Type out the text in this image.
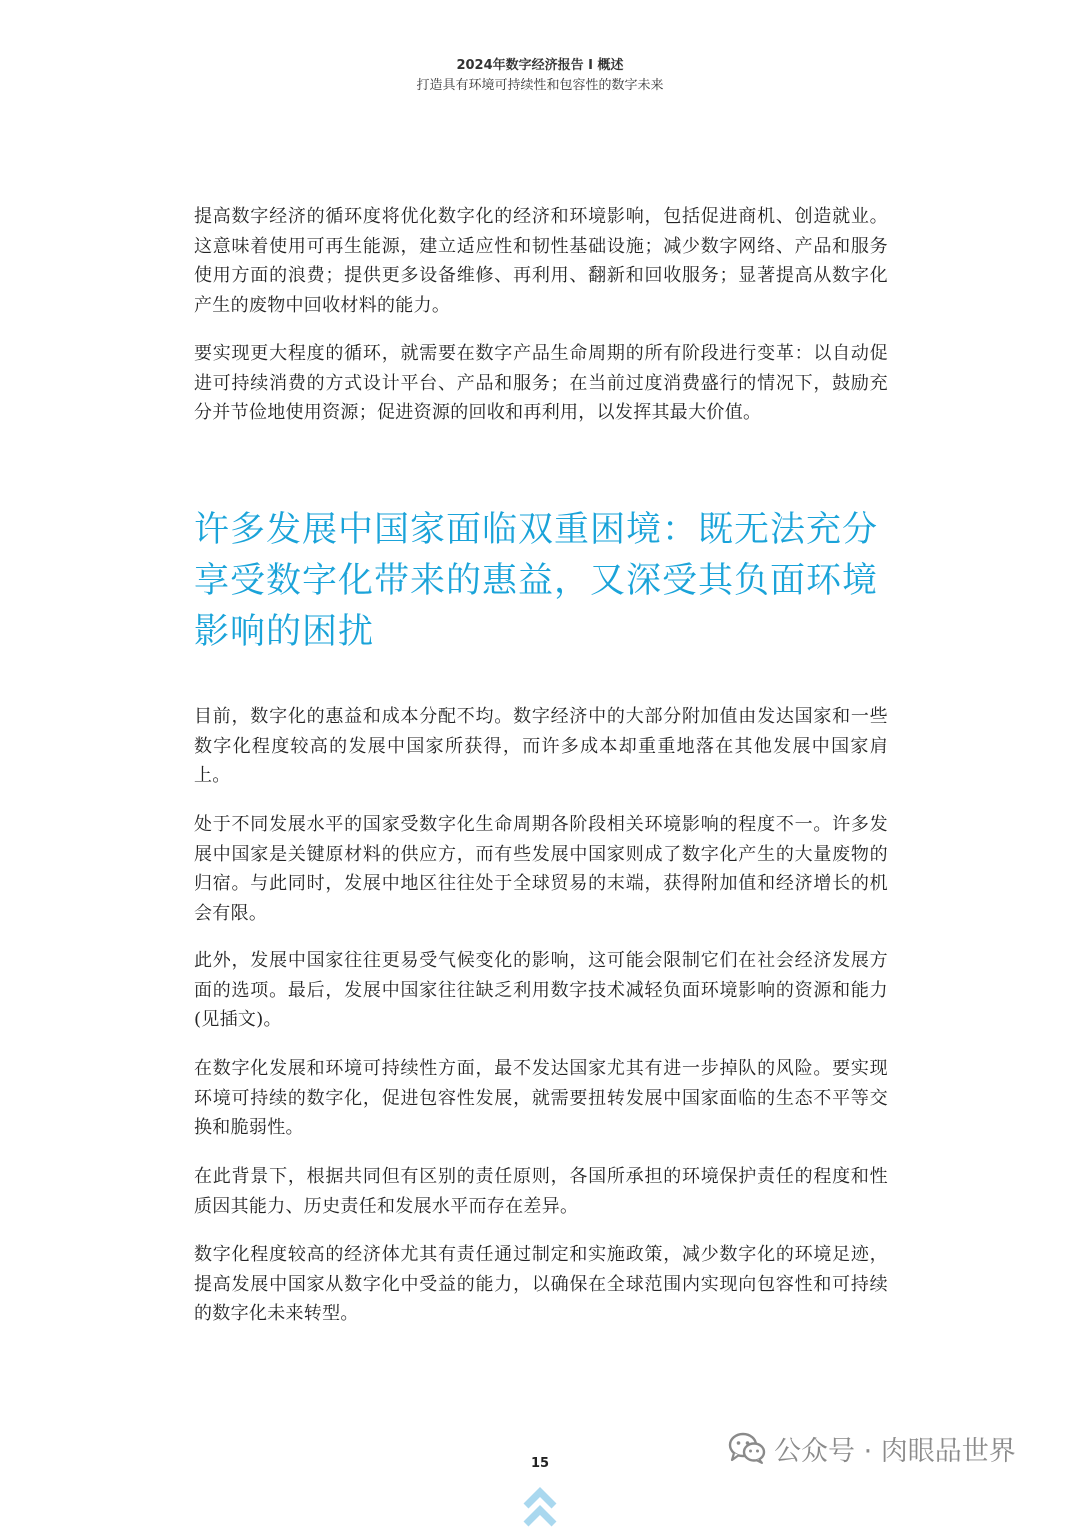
2024年数字经济报告 I 概述
打造具有环境可持续性和包容性的数字未来

提高数字经济的循环度将优化数字化的经济和环境影响，包括促进商机、创造就业。这意味着使用可再生能源，建立适应性和韧性基础设施；减少数字网络、产品和服务使用方面的浪费；提供更多设备维修、再利用、翻新和回收服务；显著提高从数字化产生的废物中回收材料的能力。

要实现更大程度的循环，就需要在数字产品生命周期的所有阶段进行变革：以自动促进可持续消费的方式设计平台、产品和服务；在当前过度消费盛行的情况下，鼓励充分并节俭地使用资源；促进资源的回收和再利用，以发挥其最大价值。

许多发展中国家面临双重困境：既无法充分享受数字化带来的惠益，又深受其负面环境影响的困扰

目前，数字化的惠益和成本分配不均。数字经济中的大部分附加值由发达国家和一些数字化程度较高的发展中国家所获得，而许多成本却重重地落在其他发展中国家肩上。

处于不同发展水平的国家受数字化生命周期各阶段相关环境影响的程度不一。许多发展中国家是关键原材料的供应方，而有些发展中国家则成了数字化产生的大量废物的归宿。与此同时，发展中地区往往处于全球贸易的末端，获得附加值和经济增长的机会有限。

此外，发展中国家往往更易受气候变化的影响，这可能会限制它们在社会经济发展方面的选项。最后，发展中国家往往缺乏利用数字技术减轻负面环境影响的资源和能力(见插文)。

在数字化发展和环境可持续性方面，最不发达国家尤其有进一步掉队的风险。要实现环境可持续的数字化，促进包容性发展，就需要扭转发展中国家面临的生态不平等交换和脆弱性。

在此背景下，根据共同但有区别的责任原则，各国所承担的环境保护责任的程度和性质因其能力、历史责任和发展水平而存在差异。

数字化程度较高的经济体尤其有责任通过制定和实施政策，减少数字化的环境足迹，提高发展中国家从数字化中受益的能力，以确保在全球范围内实现向包容性和可持续的数字化未来转型。

15	公众号 · 肉眼品世界
